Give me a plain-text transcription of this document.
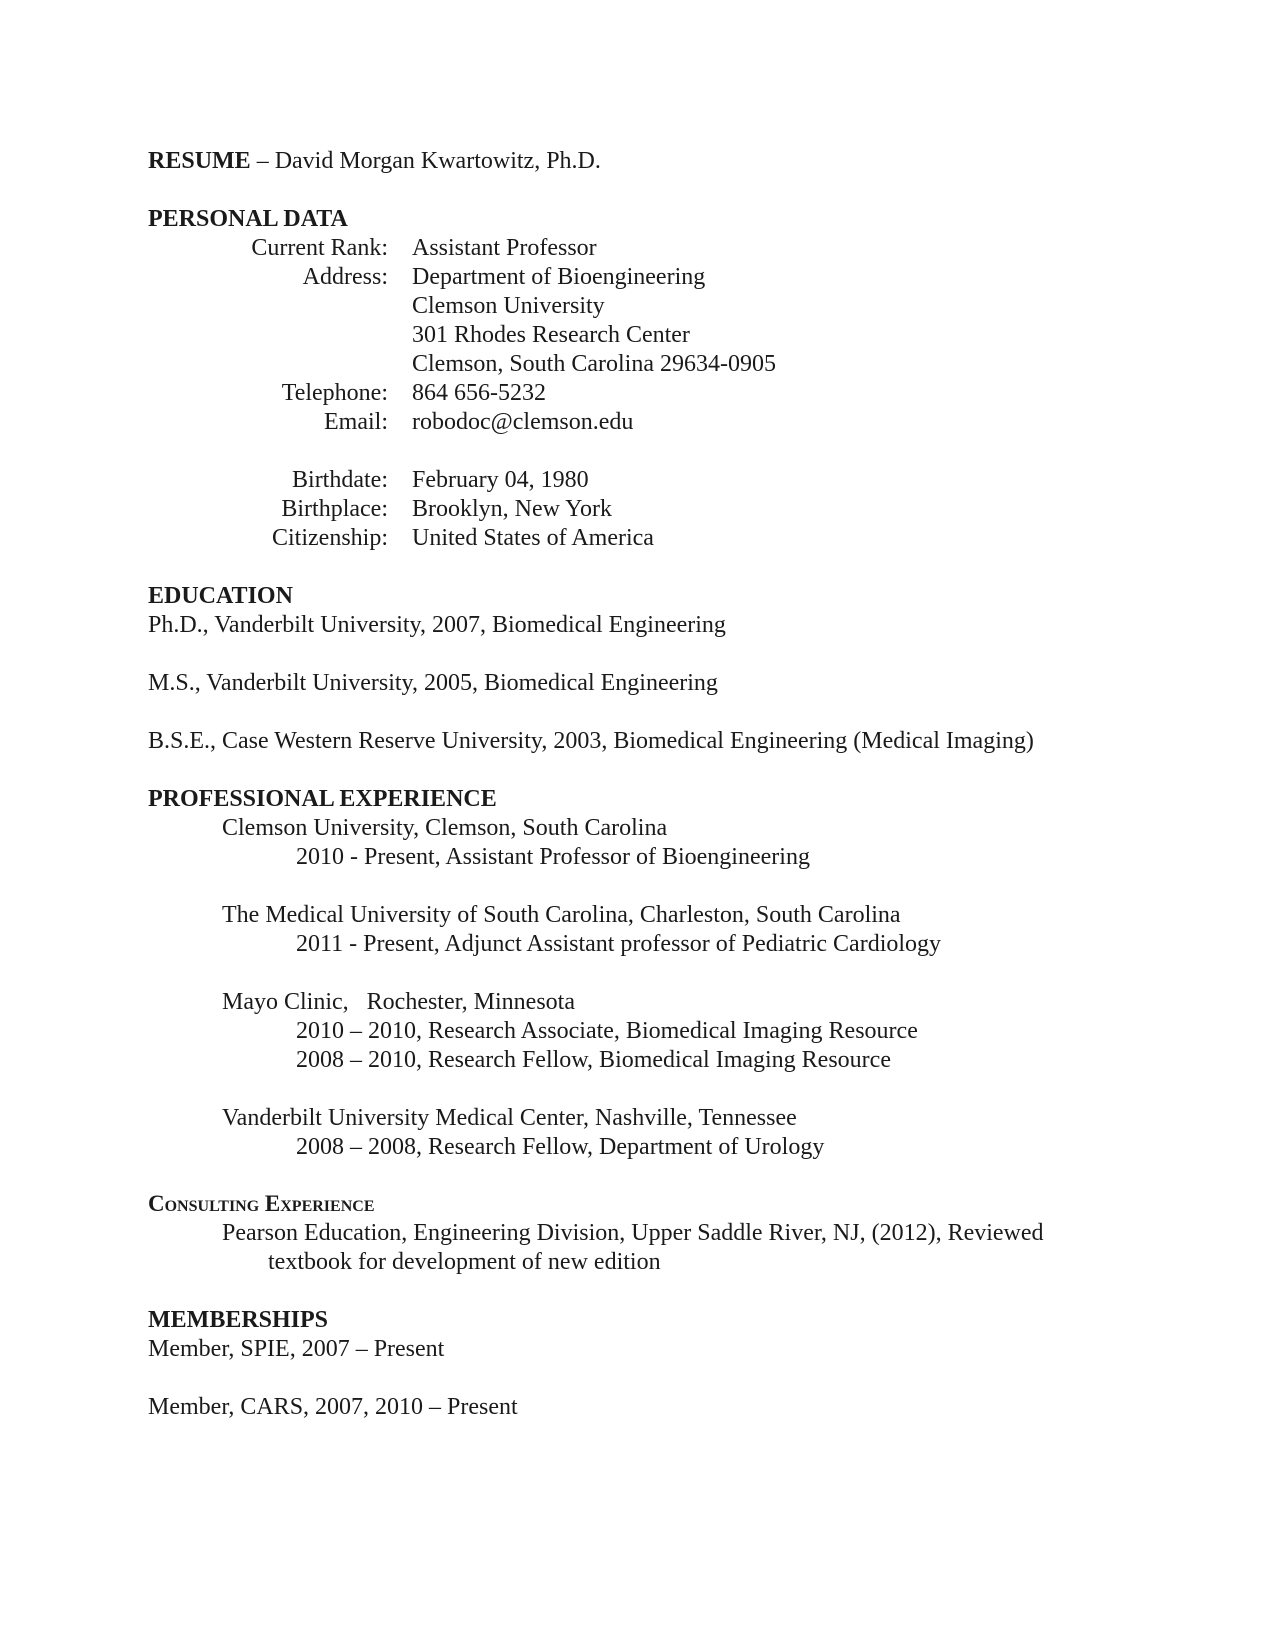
RESUME – David Morgan Kwartowitz, Ph.D.
PERSONAL DATA
Current Rank: Assistant Professor
Address: Department of Bioengineering
Clemson University
301 Rhodes Research Center
Clemson, South Carolina 29634-0905
Telephone: 864 656-5232
Email: robodoc@clemson.edu
Birthdate: February 04, 1980
Birthplace: Brooklyn, New York
Citizenship: United States of America
EDUCATION
Ph.D., Vanderbilt University, 2007, Biomedical Engineering
M.S., Vanderbilt University, 2005, Biomedical Engineering
B.S.E., Case Western Reserve University, 2003, Biomedical Engineering (Medical Imaging)
PROFESSIONAL EXPERIENCE
Clemson University, Clemson, South Carolina
2010 - Present, Assistant Professor of Bioengineering
The Medical University of South Carolina, Charleston, South Carolina
2011 - Present, Adjunct Assistant professor of Pediatric Cardiology
Mayo Clinic,   Rochester, Minnesota
2010 – 2010, Research Associate, Biomedical Imaging Resource
2008 – 2010, Research Fellow, Biomedical Imaging Resource
Vanderbilt University Medical Center, Nashville, Tennessee
2008 – 2008, Research Fellow, Department of Urology
Consulting Experience
Pearson Education, Engineering Division, Upper Saddle River, NJ, (2012), Reviewed
textbook for development of new edition
MEMBERSHIPS
Member, SPIE, 2007 – Present
Member, CARS, 2007, 2010 – Present
